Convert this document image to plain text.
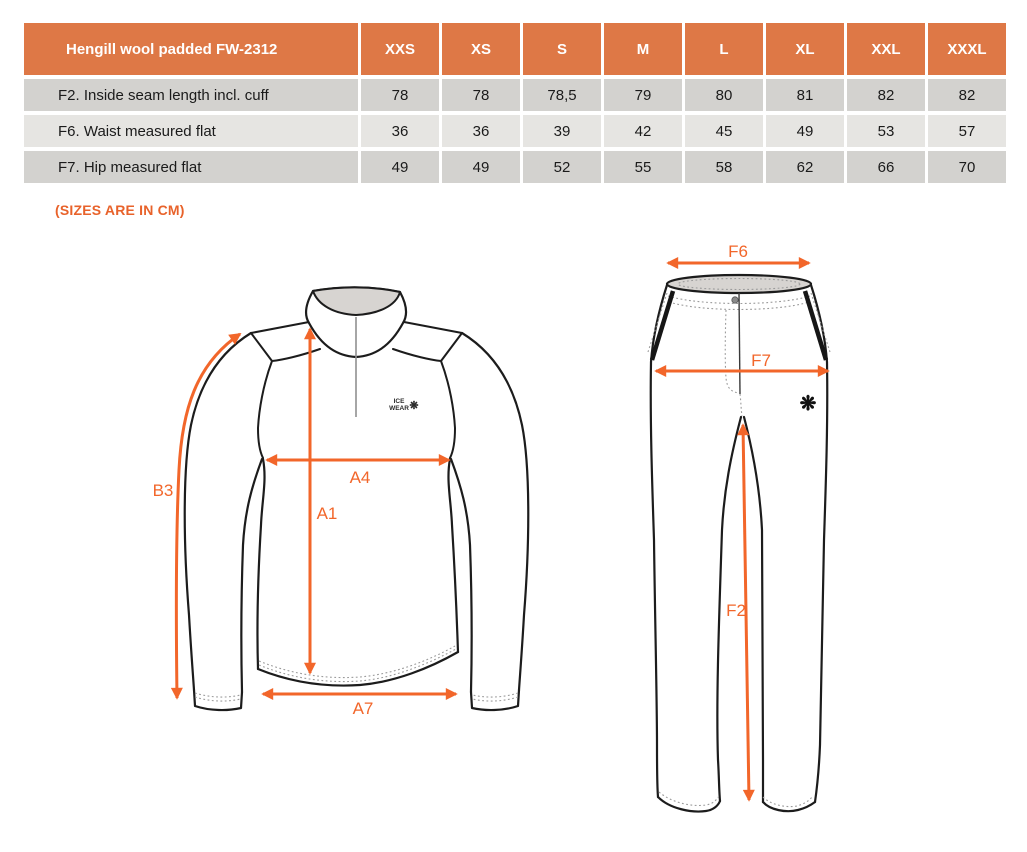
Hengill wool padded FW-2312	XXS	XS	S	M	L	XL	XXL	XXXL
F2. Inside seam length incl. cuff	78	78	78,5	79	80	81	82	82
F6. Waist measured flat	36	36	39	42	45	49	53	57
F7. Hip measured flat	49	49	52	55	58	62	66	70
(SIZES ARE IN CM)
ICE
WEAR ❋
B3
A4
A1
A7
❋
F6
F7
F2
